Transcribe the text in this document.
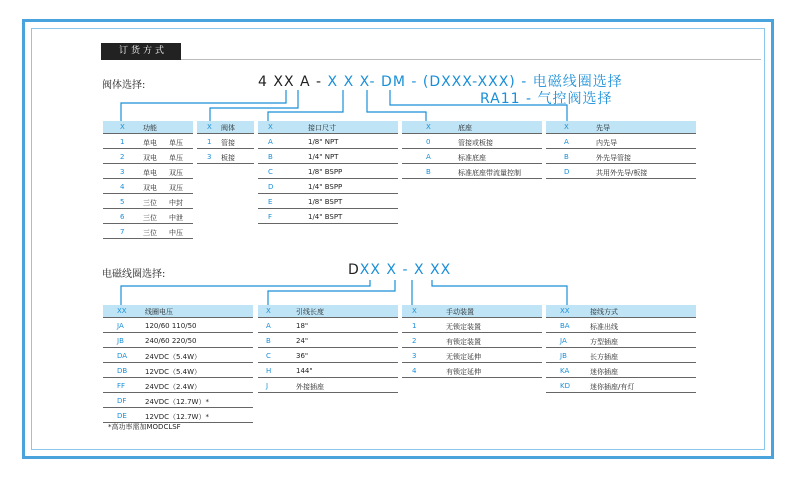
订货方式
阀体选择:	4 XX A - X X X- DM - (DXXX-XXX) - 电磁线圈选择
RA11 - 气控阀选择
X	功能
1	单电 单压
2	双电 单压
3	单电 双压
4	双电 双压
5	三位 中封
6	三位 中泄
7	三位 中压
X 阀体
1 管接
3 板接
X	接口尺寸
A	1/8" NPT
B	1/4" NPT
C	1/8" BSPP
D	1/4" BSPP
E	1/8" BSPT
F	1/4" BSPT
X	底座
0	管接或板接
A	标准底座
B	标准底座带流量控制
X	先导
A	内先导
B	外先导管接
D	共用外先导/板接
电磁线圈选择:	DXX X - X XX
XX	线圈电压
JA	120/60 110/50
JB	240/60 220/50
DA	24VDC（5.4W）
DB	12VDC（5.4W）
FF	24VDC（2.4W）
DF	24VDC（12.7W）*
DE	12VDC（12.7W）*
X	引线长度
A	18"
B	24"
C	36"
H	144"
J	外接插座
X	手动装置
1	无锁定装置
2	有锁定装置
3	无锁定延伸
4	有锁定延伸
XX	接线方式
BA	标准出线
JA	方型插座
JB	长方插座
KA	迷你插座
KD	迷你插座/有灯
*高功率需加MODCLSF
